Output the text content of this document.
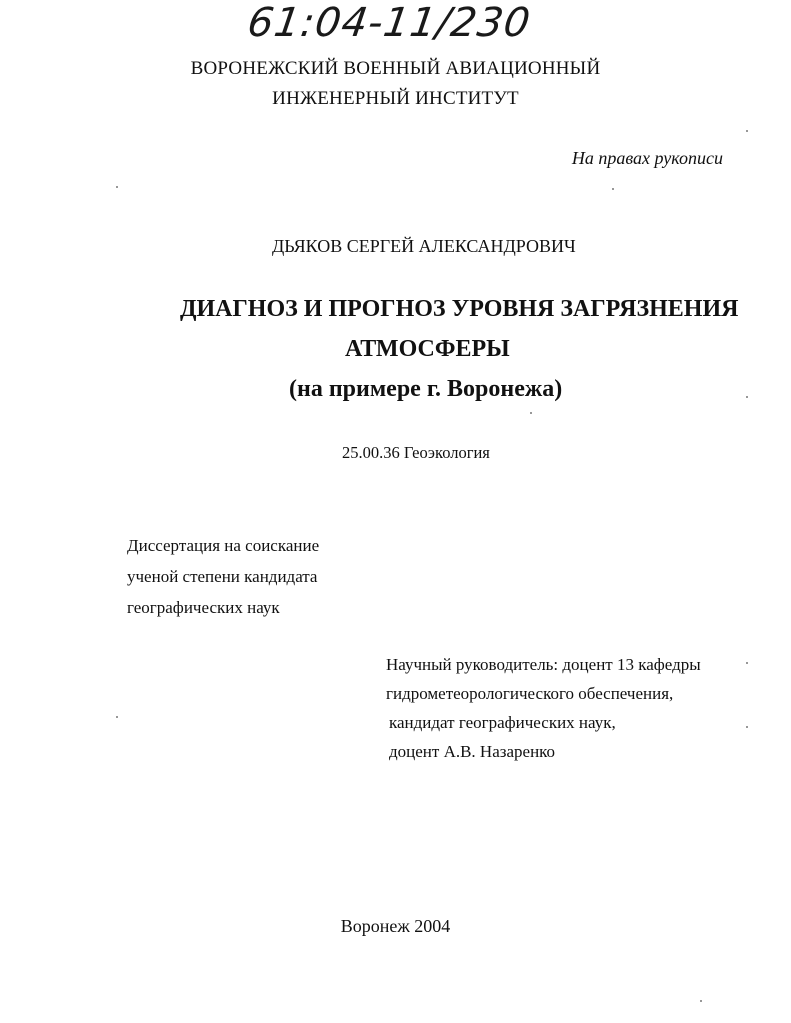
61:04-11/230
ВОРОНЕЖСКИЙ ВОЕННЫЙ АВИАЦИОННЫЙ
ИНЖЕНЕРНЫЙ ИНСТИТУТ
На правах рукописи
ДЬЯКОВ СЕРГЕЙ АЛЕКСАНДРОВИЧ
ДИАГНОЗ И ПРОГНОЗ УРОВНЯ ЗАГРЯЗНЕНИЯ
АТМОСФЕРЫ
(на примере г. Воронежа)
25.00.36 Геоэкология
Диссертация на соискание
ученой степени кандидата
географических наук
Научный руководитель: доцент 13 кафедры
гидрометеорологического обеспечения,
кандидат географических наук,
доцент А.В. Назаренко
Воронеж 2004
